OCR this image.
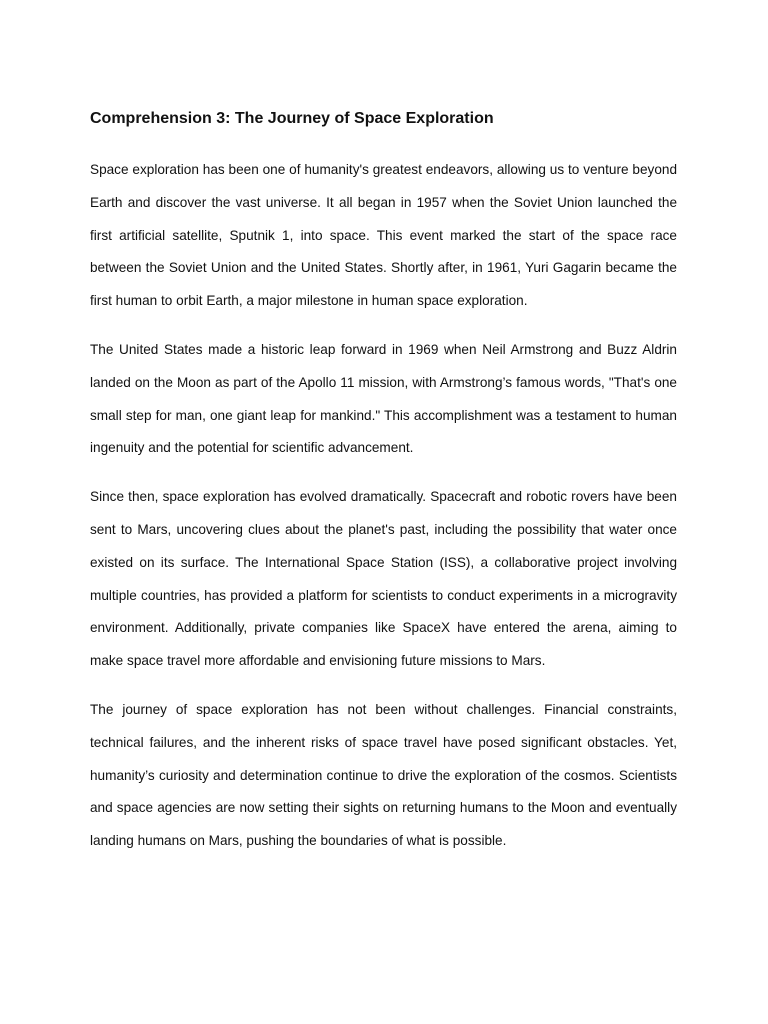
Comprehension 3: The Journey of Space Exploration

Space exploration has been one of humanity's greatest endeavors, allowing us to venture beyond Earth and discover the vast universe. It all began in 1957 when the Soviet Union launched the first artificial satellite, Sputnik 1, into space. This event marked the start of the space race between the Soviet Union and the United States. Shortly after, in 1961, Yuri Gagarin became the first human to orbit Earth, a major milestone in human space exploration.

The United States made a historic leap forward in 1969 when Neil Armstrong and Buzz Aldrin landed on the Moon as part of the Apollo 11 mission, with Armstrong’s famous words, "That's one small step for man, one giant leap for mankind." This accomplishment was a testament to human ingenuity and the potential for scientific advancement.

Since then, space exploration has evolved dramatically. Spacecraft and robotic rovers have been sent to Mars, uncovering clues about the planet's past, including the possibility that water once existed on its surface. The International Space Station (ISS), a collaborative project involving multiple countries, has provided a platform for scientists to conduct experiments in a microgravity environment. Additionally, private companies like SpaceX have entered the arena, aiming to make space travel more affordable and envisioning future missions to Mars.

The journey of space exploration has not been without challenges. Financial constraints, technical failures, and the inherent risks of space travel have posed significant obstacles. Yet, humanity’s curiosity and determination continue to drive the exploration of the cosmos. Scientists and space agencies are now setting their sights on returning humans to the Moon and eventually landing humans on Mars, pushing the boundaries of what is possible.
